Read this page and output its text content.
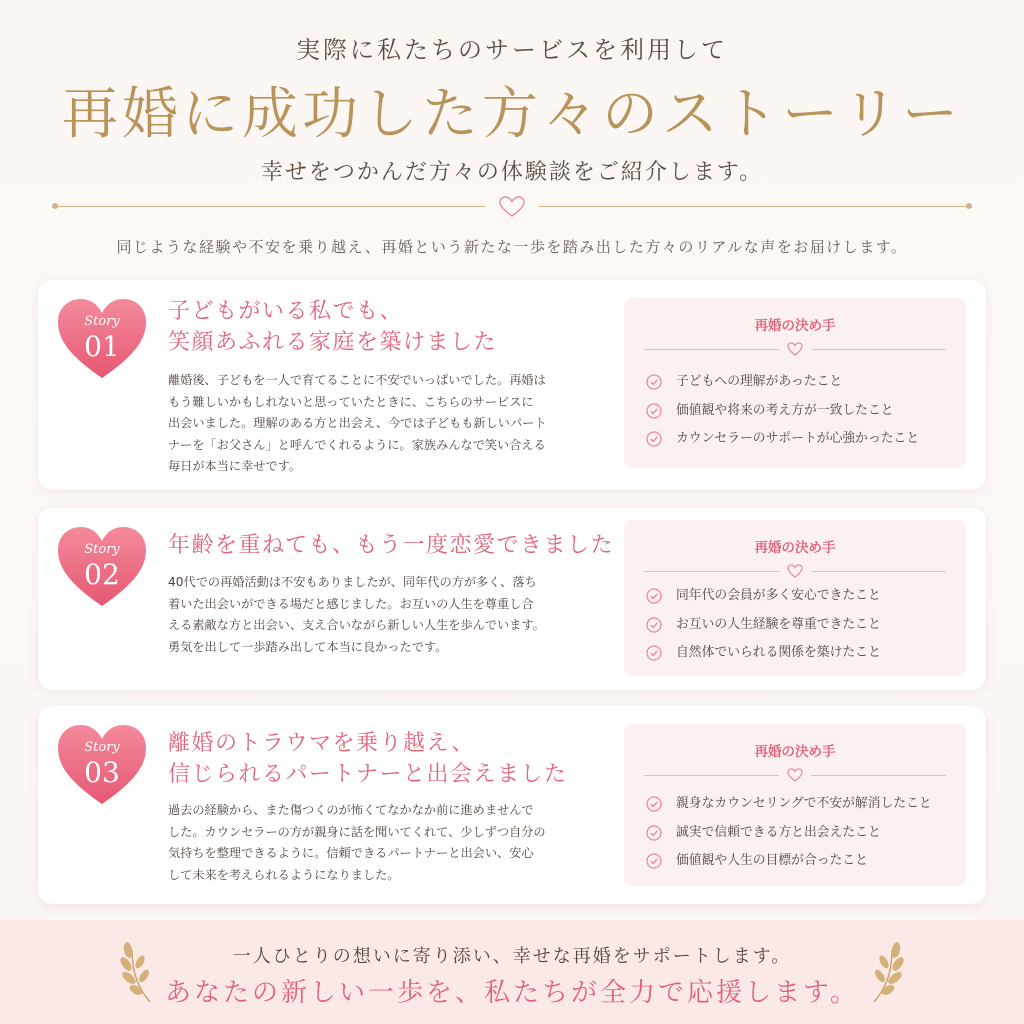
実際に私たちのサービスを利用して
再婚に成功した方々のストーリー
幸せをつかんだ方々の体験談をご紹介します。
同じような経験や不安を乗り越え、再婚という新たな一歩を踏み出した方々のリアルな声をお届けします。
Story
01
子どもがいる私でも、
笑顔あふれる家庭を築けました
離婚後、子どもを一人で育てることに不安でいっぱいでした。再婚は
もう難しいかもしれないと思っていたときに、こちらのサービスに
出会いました。理解のある方と出会え、今では子どもも新しいパート
ナーを「お父さん」と呼んでくれるように。家族みんなで笑い合える
毎日が本当に幸せです。
再婚の決め手
子どもへの理解があったこと
価値観や将来の考え方が一致したこと
カウンセラーのサポートが心強かったこと
Story
02
年齢を重ねても、もう一度恋愛できました
40代での再婚活動は不安もありましたが、同年代の方が多く、落ち
着いた出会いができる場だと感じました。お互いの人生を尊重し合
える素敵な方と出会い、支え合いながら新しい人生を歩んでいます。
勇気を出して一歩踏み出して本当に良かったです。
再婚の決め手
同年代の会員が多く安心できたこと
お互いの人生経験を尊重できたこと
自然体でいられる関係を築けたこと
Story
03
離婚のトラウマを乗り越え、
信じられるパートナーと出会えました
過去の経験から、また傷つくのが怖くてなかなか前に進めませんで
した。カウンセラーの方が親身に話を聞いてくれて、少しずつ自分の
気持ちを整理できるように。信頼できるパートナーと出会い、安心
して未来を考えられるようになりました。
再婚の決め手
親身なカウンセリングで不安が解消したこと
誠実で信頼できる方と出会えたこと
価値観や人生の目標が合ったこと
一人ひとりの想いに寄り添い、幸せな再婚をサポートします。
あなたの新しい一歩を、私たちが全力で応援します。
